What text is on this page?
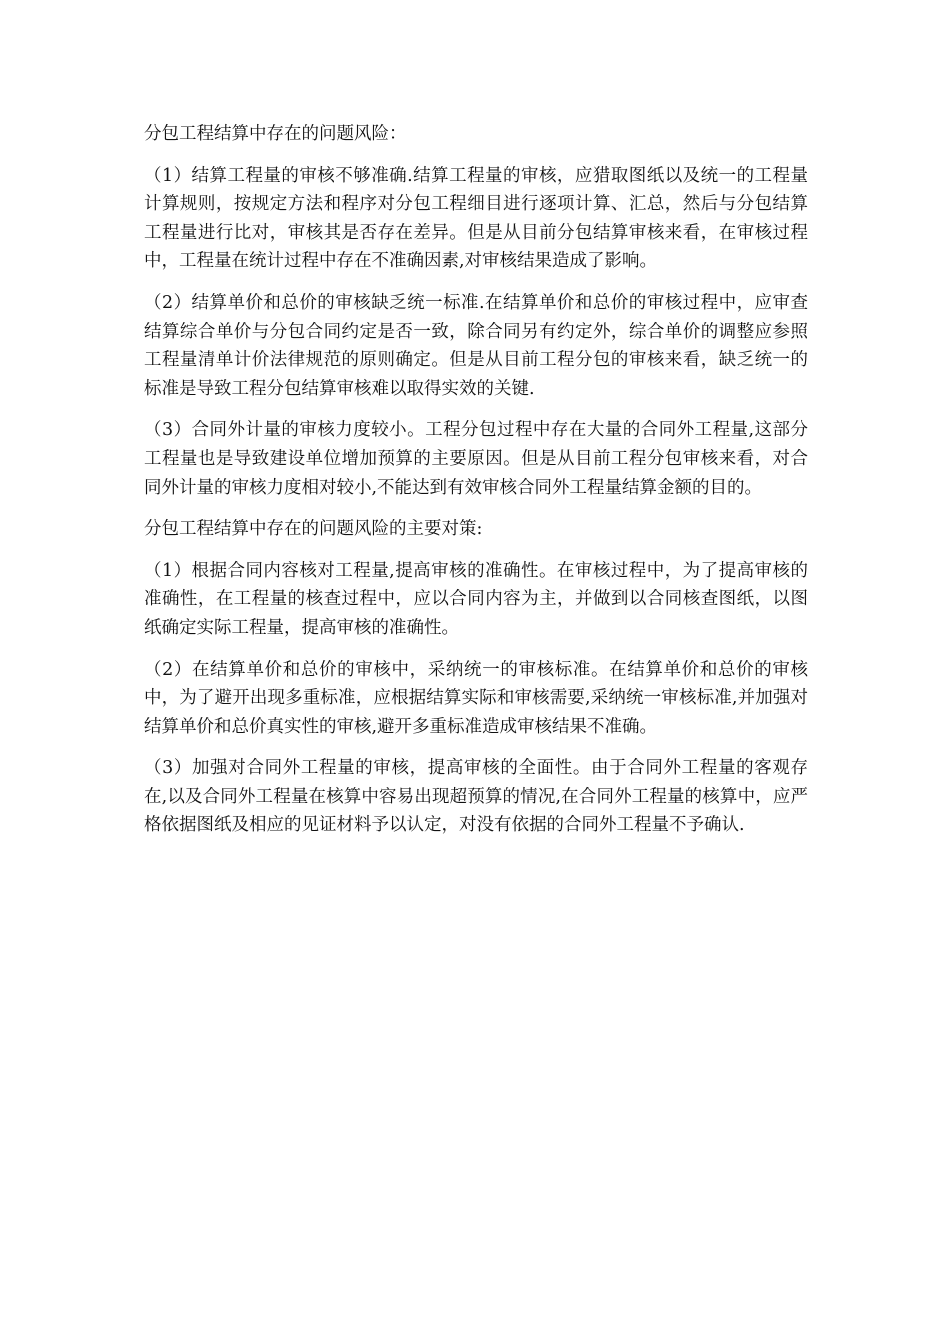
分包工程结算中存在的问题风险：

（1）结算工程量的审核不够准确.结算工程量的审核，应猎取图纸以及统一的工程量计算规则，按规定方法和程序对分包工程细目进行逐项计算、汇总，然后与分包结算工程量进行比对，审核其是否存在差异。但是从目前分包结算审核来看，在审核过程中，工程量在统计过程中存在不准确因素,对审核结果造成了影响。

（2）结算单价和总价的审核缺乏统一标准.在结算单价和总价的审核过程中，应审查结算综合单价与分包合同约定是否一致，除合同另有约定外，综合单价的调整应参照工程量清单计价法律规范的原则确定。但是从目前工程分包的审核来看，缺乏统一的标准是导致工程分包结算审核难以取得实效的关键.

（3）合同外计量的审核力度较小。工程分包过程中存在大量的合同外工程量,这部分工程量也是导致建设单位增加预算的主要原因。但是从目前工程分包审核来看，对合同外计量的审核力度相对较小,不能达到有效审核合同外工程量结算金额的目的。

分包工程结算中存在的问题风险的主要对策:

（1）根据合同内容核对工程量,提高审核的准确性。在审核过程中，为了提高审核的准确性，在工程量的核查过程中，应以合同内容为主，并做到以合同核查图纸，以图纸确定实际工程量，提高审核的准确性。

（2）在结算单价和总价的审核中，采纳统一的审核标准。在结算单价和总价的审核中，为了避开出现多重标准，应根据结算实际和审核需要,采纳统一审核标准,并加强对结算单价和总价真实性的审核,避开多重标准造成审核结果不准确。

（3）加强对合同外工程量的审核，提高审核的全面性。由于合同外工程量的客观存在,以及合同外工程量在核算中容易出现超预算的情况,在合同外工程量的核算中，应严格依据图纸及相应的见证材料予以认定，对没有依据的合同外工程量不予确认.
